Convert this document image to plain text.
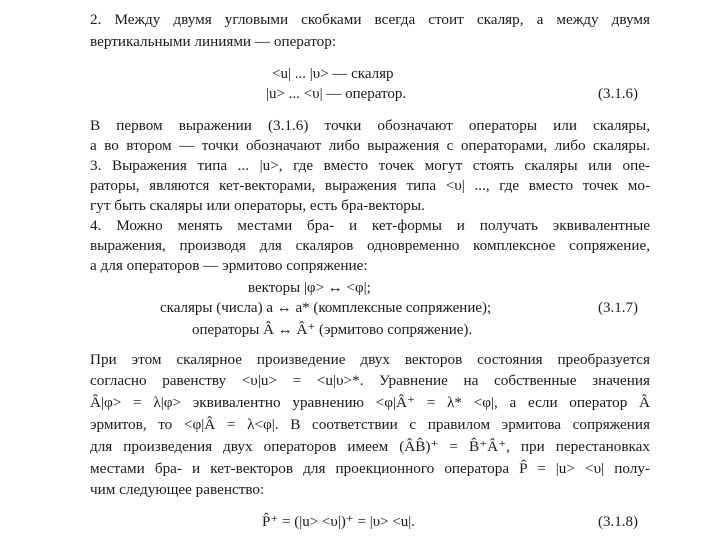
2. Между двумя угловыми скобками всегда стоит скаляр, а между двумя
вертикальными линиями — оператор:
<u| ... |υ> — скаляр
|u> ... <υ| — оператор.	(3.1.6)
В первом выражении (3.1.6) точки обозначают операторы или скаляры,
а во втором — точки обозначают либо выражения с операторами, либо скаляры.
3. Выражения типа ... |u>, где вместо точек могут стоять скаляры или опе-
раторы, являются кет-векторами, выражения типа <υ| ..., где вместо точек мо-
гут быть скаляры или операторы, есть бра-векторы.
4. Можно менять местами бра- и кет-формы и получать эквивалентные
выражения, производя для скаляров одновременно комплексное сопряжение,
а для операторов — эрмитово сопряжение:
векторы |φ> ↔ <φ|;
скаляры (числа) a ↔ a* (комплексные сопряжение);	(3.1.7)
операторы Â ↔ Â⁺ (эрмитово сопряжение).
При этом скалярное произведение двух векторов состояния преобразуется
согласно равенству <υ|u> = <u|υ>*. Уравнение на собственные значения
Â|φ> = λ|φ> эквивалентно уравнению <φ|Â⁺ = λ* <φ|, а если оператор Â
эрмитов, то <φ|Â = λ<φ|. В соответствии с правилом эрмитова сопряжения
для произведения двух операторов имеем (ÂB̂)⁺ = B̂⁺Â⁺, при перестановках
местами бра- и кет-векторов для проекционного оператора P̂ = |u> <υ| полу-
чим следующее равенство:
P̂⁺ = (|u> <υ|)⁺ = |υ> <u|.	(3.1.8)
